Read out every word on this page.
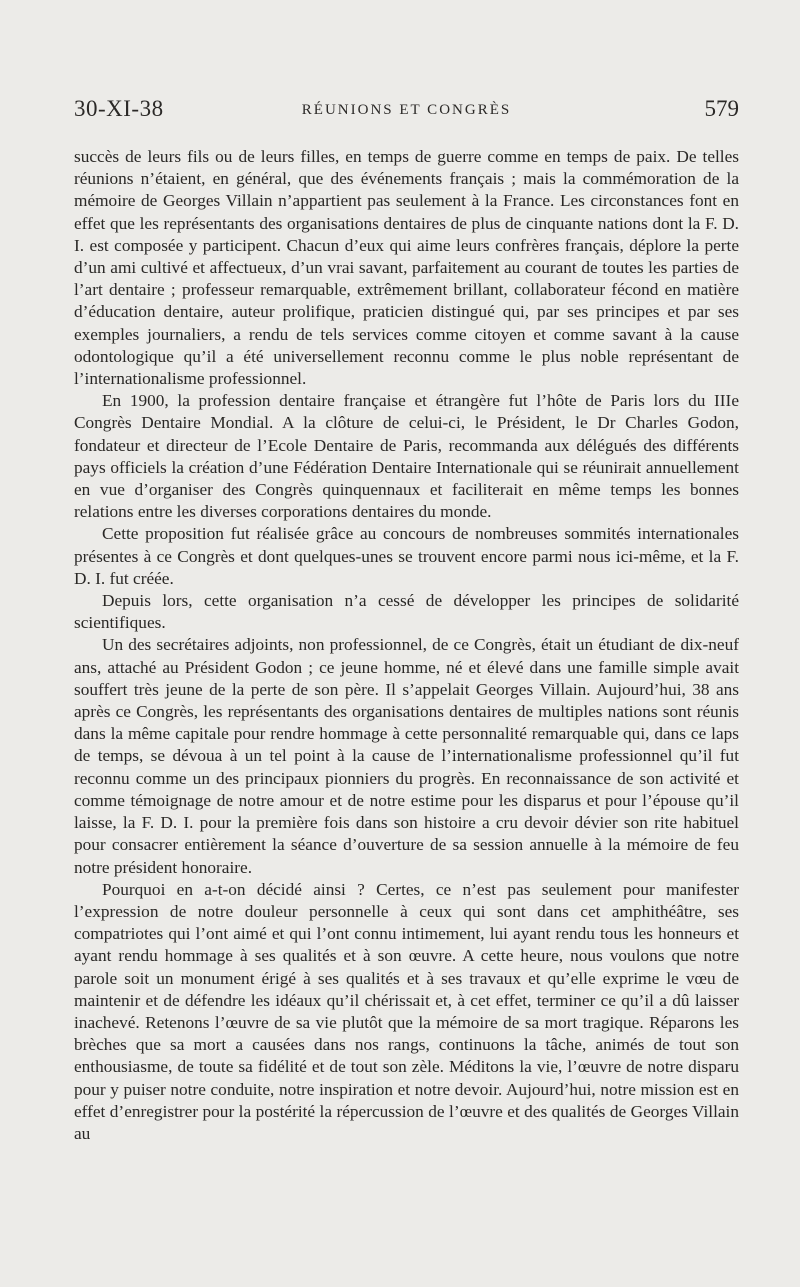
30-XI-38	RÉUNIONS ET CONGRÈS	579

succès de leurs fils ou de leurs filles, en temps de guerre comme en temps de paix. De telles réunions n’étaient, en général, que des événements français ; mais la commémoration de la mémoire de Georges Villain n’appartient pas seulement à la France. Les circonstances font en effet que les représentants des organisations dentaires de plus de cinquante nations dont la F. D. I. est composée y participent. Chacun d’eux qui aime leurs confrères français, déplore la perte d’un ami cultivé et affectueux, d’un vrai savant, parfaitement au courant de toutes les parties de l’art dentaire ; professeur remarquable, extrêmement brillant, collaborateur fécond en matière d’éducation dentaire, auteur prolifique, praticien distingué qui, par ses principes et par ses exemples journaliers, a rendu de tels services comme citoyen et comme savant à la cause odontologique qu’il a été universellement reconnu comme le plus noble représentant de l’internationalisme professionnel.

En 1900, la profession dentaire française et étrangère fut l’hôte de Paris lors du IIIe Congrès Dentaire Mondial. A la clôture de celui-ci, le Président, le Dr Charles Godon, fondateur et directeur de l’Ecole Dentaire de Paris, recommanda aux délégués des différents pays officiels la création d’une Fédération Dentaire Internationale qui se réunirait annuellement en vue d’organiser des Congrès quinquennaux et faciliterait en même temps les bonnes relations entre les diverses corporations dentaires du monde.

Cette proposition fut réalisée grâce au concours de nombreuses sommités internationales présentes à ce Congrès et dont quelques-unes se trouvent encore parmi nous ici-même, et la F. D. I. fut créée.

Depuis lors, cette organisation n’a cessé de développer les principes de solidarité scientifiques.

Un des secrétaires adjoints, non professionnel, de ce Congrès, était un étudiant de dix-neuf ans, attaché au Président Godon ; ce jeune homme, né et élevé dans une famille simple avait souffert très jeune de la perte de son père. Il s’appelait Georges Villain. Aujourd’hui, 38 ans après ce Congrès, les représentants des organisations dentaires de multiples nations sont réunis dans la même capitale pour rendre hommage à cette personnalité remarquable qui, dans ce laps de temps, se dévoua à un tel point à la cause de l’internationalisme professionnel qu’il fut reconnu comme un des principaux pionniers du progrès. En reconnaissance de son activité et comme témoignage de notre amour et de notre estime pour les disparus et pour l’épouse qu’il laisse, la F. D. I. pour la première fois dans son histoire a cru devoir dévier son rite habituel pour consacrer entièrement la séance d’ouverture de sa session annuelle à la mémoire de feu notre président honoraire.

Pourquoi en a-t-on décidé ainsi ? Certes, ce n’est pas seulement pour manifester l’expression de notre douleur personnelle à ceux qui sont dans cet amphithéâtre, ses compatriotes qui l’ont aimé et qui l’ont connu intimement, lui ayant rendu tous les honneurs et ayant rendu hommage à ses qualités et à son œuvre. A cette heure, nous voulons que notre parole soit un monument érigé à ses qualités et à ses travaux et qu’elle exprime le vœu de maintenir et de défendre les idéaux qu’il chérissait et, à cet effet, terminer ce qu’il a dû laisser inachevé. Retenons l’œuvre de sa vie plutôt que la mémoire de sa mort tragique. Réparons les brèches que sa mort a causées dans nos rangs, continuons la tâche, animés de tout son enthousiasme, de toute sa fidélité et de tout son zèle. Méditons la vie, l’œuvre de notre disparu pour y puiser notre conduite, notre inspiration et notre devoir. Aujourd’hui, notre mission est en effet d’enregistrer pour la postérité la répercussion de l’œuvre et des qualités de Georges Villain au
